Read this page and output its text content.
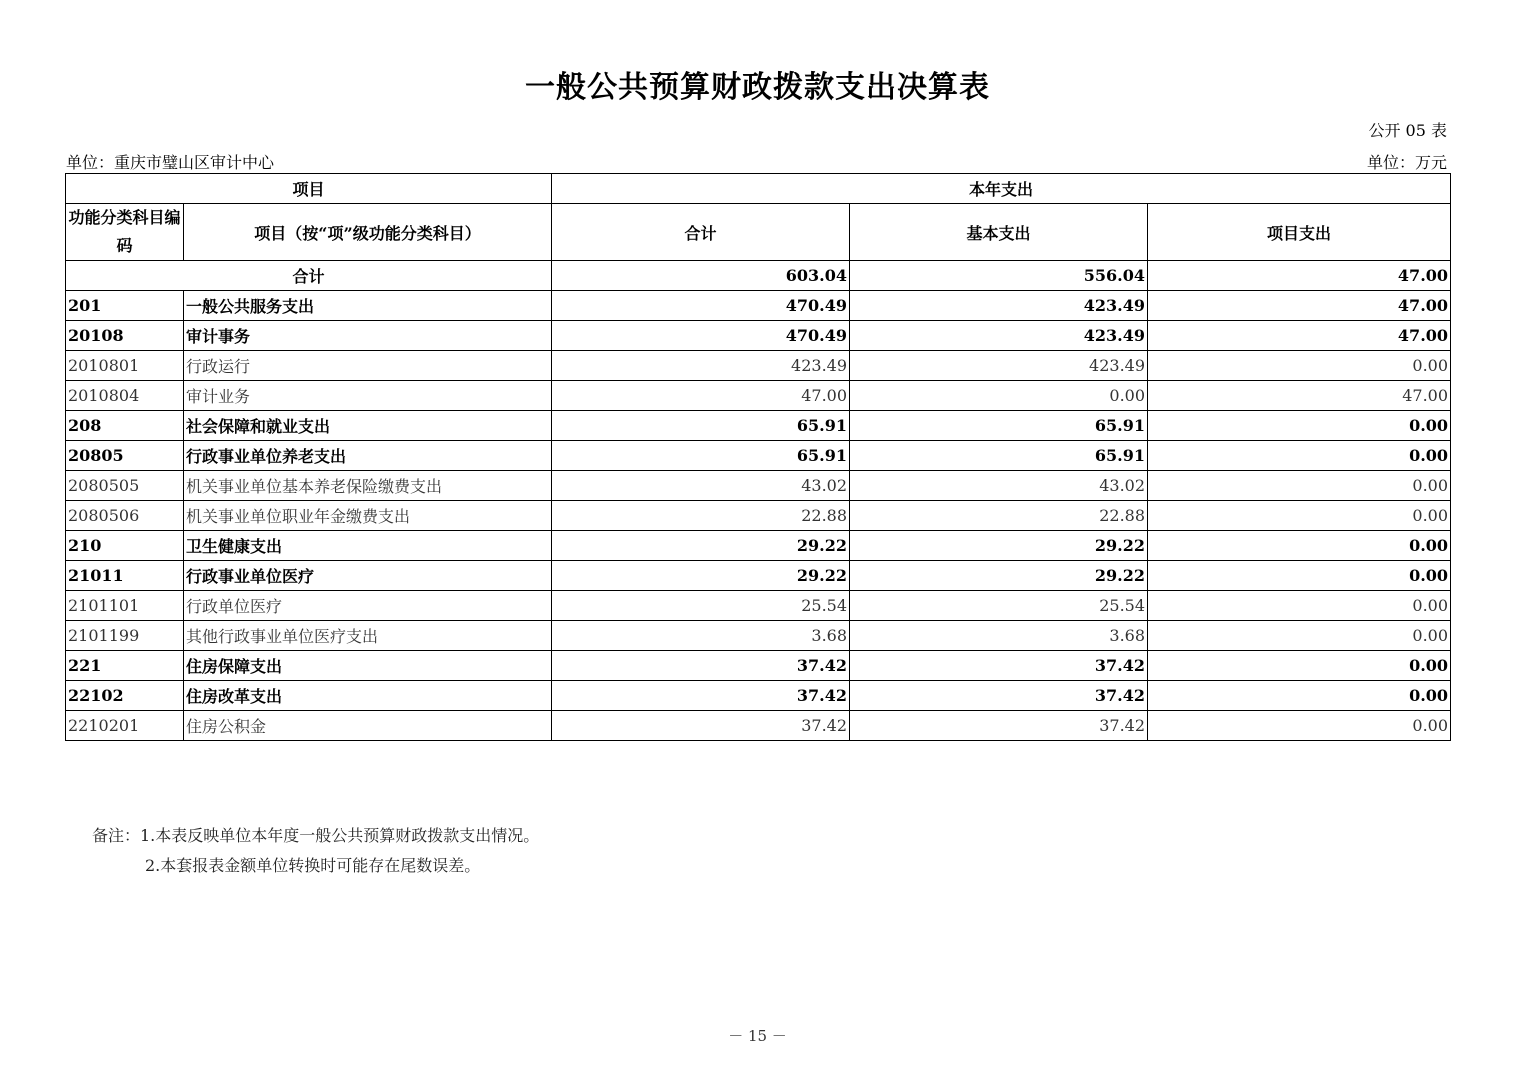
一般公共预算财政拨款支出决算表
公开 05 表
单位：重庆市璧山区审计中心	单位：万元
项目		本年支出		
功能分类科目编码	项目（按“项”级功能分类科目）	合计	基本支出	项目支出
合计		603.04	556.04	47.00
201	一般公共服务支出	470.49	423.49	47.00
20108	审计事务	470.49	423.49	47.00
2010801	行政运行	423.49	423.49	0.00
2010804	审计业务	47.00	0.00	47.00
208	社会保障和就业支出	65.91	65.91	0.00
20805	行政事业单位养老支出	65.91	65.91	0.00
2080505	机关事业单位基本养老保险缴费支出	43.02	43.02	0.00
2080506	机关事业单位职业年金缴费支出	22.88	22.88	0.00
210	卫生健康支出	29.22	29.22	0.00
21011	行政事业单位医疗	29.22	29.22	0.00
2101101	行政单位医疗	25.54	25.54	0.00
2101199	其他行政事业单位医疗支出	3.68	3.68	0.00
221	住房保障支出	37.42	37.42	0.00
22102	住房改革支出	37.42	37.42	0.00
2210201	住房公积金	37.42	37.42	0.00
备注：1.本表反映单位本年度一般公共预算财政拨款支出情况。
2.本套报表金额单位转换时可能存在尾数误差。
－ 15 －
